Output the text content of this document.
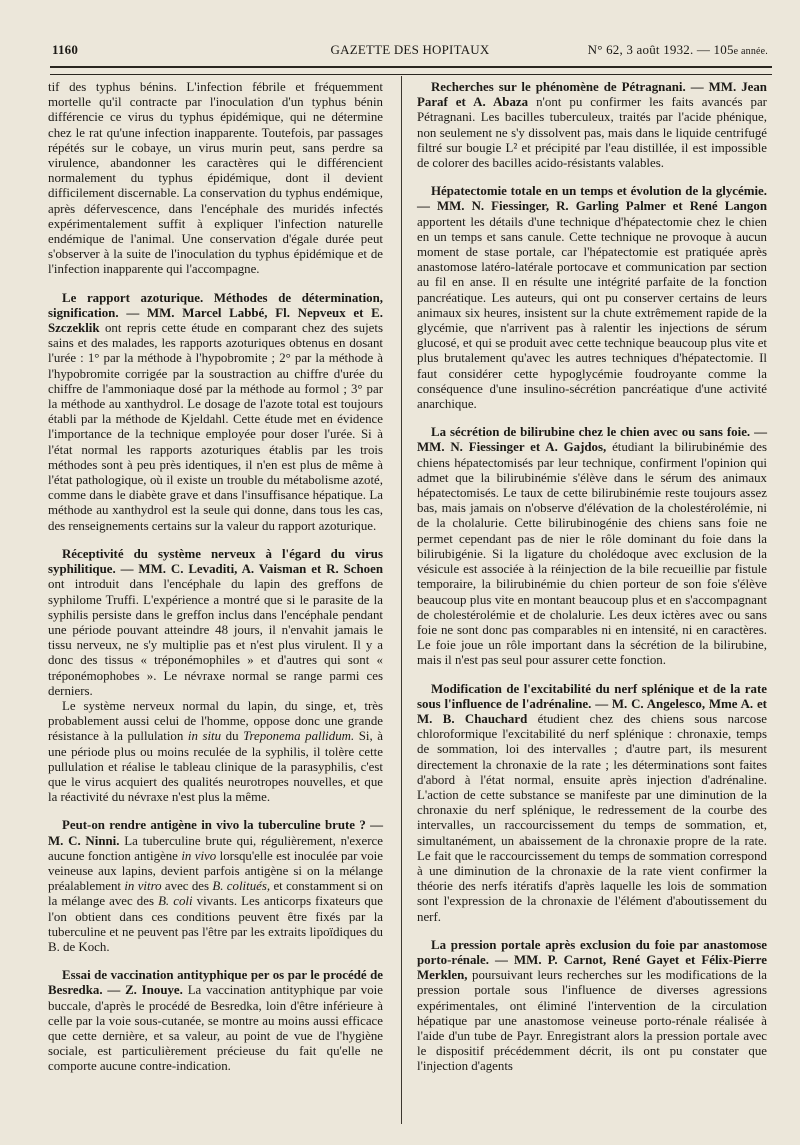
1160	GAZETTE DES HOPITAUX	N° 62, 3 août 1932. — 105e année.

tif des typhus bénins. L'infection fébrile et fréquemment mortelle qu'il contracte par l'inoculation d'un typhus bénin différencie ce virus du typhus épidémique, qui ne détermine chez le rat qu'une infection inapparente. Toutefois, par passages répétés sur le cobaye, un virus murin peut, sans perdre sa virulence, abandonner les caractères qui le différencient normalement du typhus épidémique, dont il devient difficilement discernable. La conservation du typhus endémique, après défervescence, dans l'encéphale des muridés infectés expérimentalement suffit à expliquer l'infection naturelle endémique de l'animal. Une conservation d'égale durée peut s'observer à la suite de l'inoculation du typhus épidémique et de l'infection inapparente qui l'accompagne.

Le rapport azoturique. Méthodes de détermination, signification. — MM. Marcel Labbé, Fl. Nepveux et E. Szczeklik ont repris cette étude en comparant chez des sujets sains et des malades, les rapports azoturiques obtenus en dosant l'urée : 1° par la méthode à l'hypobromite ; 2° par la méthode à l'hypobromite corrigée par la soustraction au chiffre d'urée du chiffre de l'ammoniaque dosé par la méthode au formol ; 3° par la méthode au xanthydrol. Le dosage de l'azote total est toujours établi par la méthode de Kjeldahl. Cette étude met en évidence l'importance de la technique employée pour doser l'urée. Si à l'état normal les rapports azoturiques établis par les trois méthodes sont à peu près identiques, il n'en est plus de même à l'état pathologique, où il existe un trouble du métabolisme azoté, comme dans le diabète grave et dans l'insuffisance hépatique. La méthode au xanthydrol est la seule qui donne, dans tous les cas, des renseignements certains sur la valeur du rapport azoturique.

Réceptivité du système nerveux à l'égard du virus syphilitique. — MM. C. Levaditi, A. Vaisman et R. Schoen ont introduit dans l'encéphale du lapin des greffons de syphilome Truffi. L'expérience a montré que si le parasite de la syphilis persiste dans le greffon inclus dans l'encéphale pendant une période pouvant atteindre 48 jours, il n'envahit jamais le tissu nerveux, ne s'y multiplie pas et n'est plus virulent. Il y a donc des tissus « tréponémophiles » et d'autres qui sont « tréponémophobes ». Le névraxe normal se range parmi ces derniers.

Le système nerveux normal du lapin, du singe, et, très probablement aussi celui de l'homme, oppose donc une grande résistance à la pullulation in situ du Treponema pallidum. Si, à une période plus ou moins reculée de la syphilis, il tolère cette pullulation et réalise le tableau clinique de la parasyphilis, c'est que le virus acquiert des qualités neurotropes nouvelles, et que la réactivité du névraxe n'est plus la même.

Peut-on rendre antigène in vivo la tuberculine brute ? — M. C. Ninni. La tuberculine brute qui, régulièrement, n'exerce aucune fonction antigène in vivo lorsqu'elle est inoculée par voie veineuse aux lapins, devient parfois antigène si on la mélange préalablement in vitro avec des B. colitués, et constamment si on la mélange avec des B. coli vivants. Les anticorps fixateurs que l'on obtient dans ces conditions peuvent être fixés par la tuberculine et ne peuvent pas l'être par les extraits lipoïdiques du B. de Koch.

Essai de vaccination antityphique per os par le procédé de Besredka. — Z. Inouye. La vaccination antityphique par voie buccale, d'après le procédé de Besredka, loin d'être inférieure à celle par la voie sous-cutanée, se montre au moins aussi efficace que cette dernière, et sa valeur, au point de vue de l'hygiène sociale, est particulièrement précieuse du fait qu'elle ne comporte aucune contre-indication.

Recherches sur le phénomène de Pétragnani. — MM. Jean Paraf et A. Abaza n'ont pu confirmer les faits avancés par Pétragnani. Les bacilles tuberculeux, traités par l'acide phénique, non seulement ne s'y dissolvent pas, mais dans le liquide centrifugé filtré sur bougie L² et précipité par l'eau distillée, il est impossible de colorer des bacilles acido-résistants valables.

Hépatectomie totale en un temps et évolution de la glycémie. — MM. N. Fiessinger, R. Garling Palmer et René Langon apportent les détails d'une technique d'hépatectomie chez le chien en un temps et sans canule. Cette technique ne provoque à aucun moment de stase portale, car l'hépatectomie est pratiquée après anastomose latéro-latérale portocave et communication par section au fil en anse. Il en résulte une intégrité parfaite de la fonction pancréatique. Les auteurs, qui ont pu conserver certains de leurs animaux six heures, insistent sur la chute extrêmement rapide de la glycémie, que n'arrivent pas à ralentir les injections de sérum glucosé, et qui se produit avec cette technique beaucoup plus vite et plus brutalement qu'avec les autres techniques d'hépatectomie. Il faut considérer cette hypoglycémie foudroyante comme la conséquence d'une insulino-sécrétion pancréatique d'une activité anarchique.

La sécrétion de bilirubine chez le chien avec ou sans foie. — MM. N. Fiessinger et A. Gajdos, étudiant la bilirubinémie des chiens hépatectomisés par leur technique, confirment l'opinion qui admet que la bilirubinémie s'élève dans le sérum des animaux hépatectomisés. Le taux de cette bilirubinémie reste toujours assez bas, mais jamais on n'observe d'élévation de la cholestérolémie, ni de la cholalurie. Cette bilirubinogénie des chiens sans foie ne permet cependant pas de nier le rôle dominant du foie dans la bilirubigénie. Si la ligature du cholédoque avec exclusion de la vésicule est associée à la réinjection de la bile recueillie par fistule temporaire, la bilirubinémie du chien porteur de son foie s'élève beaucoup plus vite en montant beaucoup plus et en s'accompagnant de cholestérolémie et de cholalurie. Les deux ictères avec ou sans foie ne sont donc pas comparables ni en intensité, ni en caractères. Le foie joue un rôle important dans la sécrétion de la bilirubine, mais il n'est pas seul pour assurer cette fonction.

Modification de l'excitabilité du nerf splénique et de la rate sous l'influence de l'adrénaline. — M. C. Angelescо, Mme A. et M. B. Chauchard étudient chez des chiens sous narcose chloroformique l'excitabilité du nerf splénique : chronaxie, temps de sommation, loi des intervalles ; d'autre part, ils mesurent directement la chronaxie de la rate ; les déterminations sont faites d'abord à l'état normal, ensuite après injection d'adrénaline. L'action de cette substance se manifeste par une diminution de la chronaxie du nerf splénique, le redressement de la courbe des intervalles, un raccourcissement du temps de sommation, et, simultanément, un abaissement de la chronaxie propre de la rate. Le fait que le raccourcissement du temps de sommation correspond à une diminution de la chronaxie de la rate vient confirmer la théorie des nerfs itératifs d'après laquelle les lois de sommation sont l'expression de la chronaxie de l'élément d'aboutissement du nerf.

La pression portale après exclusion du foie par anastomose porto-rénale. — MM. P. Carnot, René Gayet et Félix-Pierre Merklen, poursuivant leurs recherches sur les modifications de la pression portale sous l'influence de diverses agressions expérimentales, ont éliminé l'intervention de la circulation hépatique par une anastomose veineuse porto-rénale réalisée à l'aide d'un tube de Payr. Enregistrant alors la pression portale avec le dispositif précédemment décrit, ils ont pu constater que l'injection d'agents
